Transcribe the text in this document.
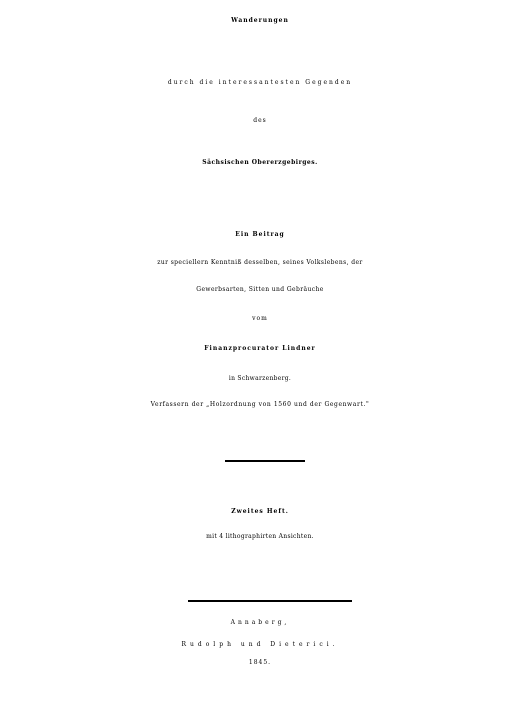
Wanderungen
durch die interessantesten Gegenden
des
Sächsischen Obererzgebirges.
Ein Beitrag
zur speciellern Kenntniß desselben, seines Volkslebens, der
Gewerbsarten, Sitten und Gebräuche
vom
Finanzprocurator Lindner
in Schwarzenberg.
Verfassern der „Holzordnung von 1560 und der Gegenwart."
Zweites Heft.
mit 4 lithographirten Ansichten.
Annaberg,
Rudolph und Dieterici.
1845.
